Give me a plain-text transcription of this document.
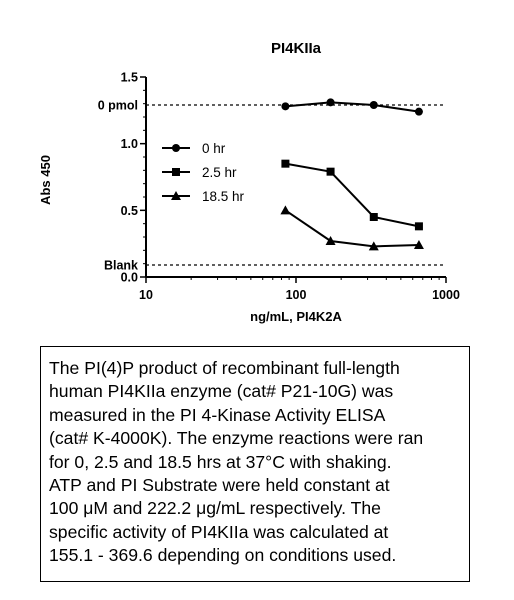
PI4KIIa
0.0
0.5
1.0
1.5
10	100	1000
ng/mL, PI4K2A
Abs 450
0 pmol
Blank
0 hr
2.5 hr
18.5 hr
The PI(4)P product of recombinant full-length
human PI4KIIa enzyme (cat# P21-10G) was
measured in the PI 4-Kinase Activity ELISA
(cat# K-4000K). The enzyme reactions were ran
for 0, 2.5 and 18.5 hrs at 37°C with shaking.
ATP and PI Substrate were held constant at
100 μM and 222.2 μg/mL respectively. The
specific activity of PI4KIIa was calculated at
155.1 - 369.6 depending on conditions used.
